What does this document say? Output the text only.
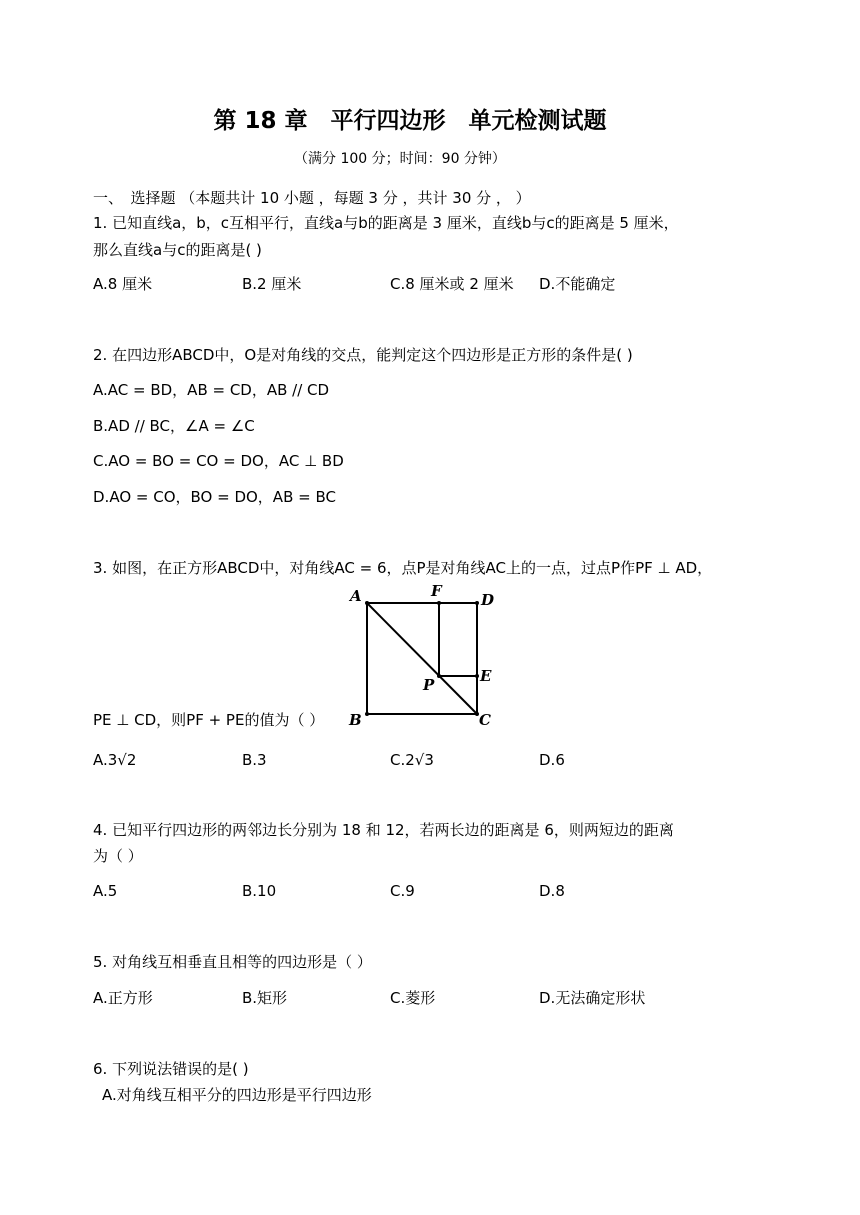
第 18 章　平行四边形　单元检测试题
（满分 100 分；时间：90 分钟）
一、　选择题 （本题共计 10 小题 ，每题 3 分 ，共计 30 分 ， ）
1. 已知直线a，b，c互相平行，直线a与b的距离是 3 厘米，直线b与c的距离是 5 厘米，
那么直线a与c的距离是( )
A.8 厘米	B.2 厘米	C.8 厘米或 2 厘米 D.不能确定
2. 在四边形ABCD中，O是对角线的交点，能判定这个四边形是正方形的条件是( )
A.AC = BD，AB = CD，AB // CD
B.AD // BC，∠A = ∠C
C.AO = BO = CO = DO，AC ⊥ BD
D.AO = CO，BO = DO，AB = BC
3. 如图，在正方形ABCD中，对角线AC = 6，点P是对角线AC上的一点，过点P作PF ⊥ AD，
A	F	D
E
P
B	C
PE ⊥ CD，则PF + PE的值为（ ）
A.3√2	B.3	C.2√3	D.6
4. 已知平行四边形的两邻边长分别为 18 和 12，若两长边的距离是 6，则两短边的距离
为（ ）
A.5	B.10	C.9	D.8
5. 对角线互相垂直且相等的四边形是（ ）
A.正方形	B.矩形	C.菱形	D.无法确定形状
6. 下列说法错误的是( )
A.对角线互相平分的四边形是平行四边形
